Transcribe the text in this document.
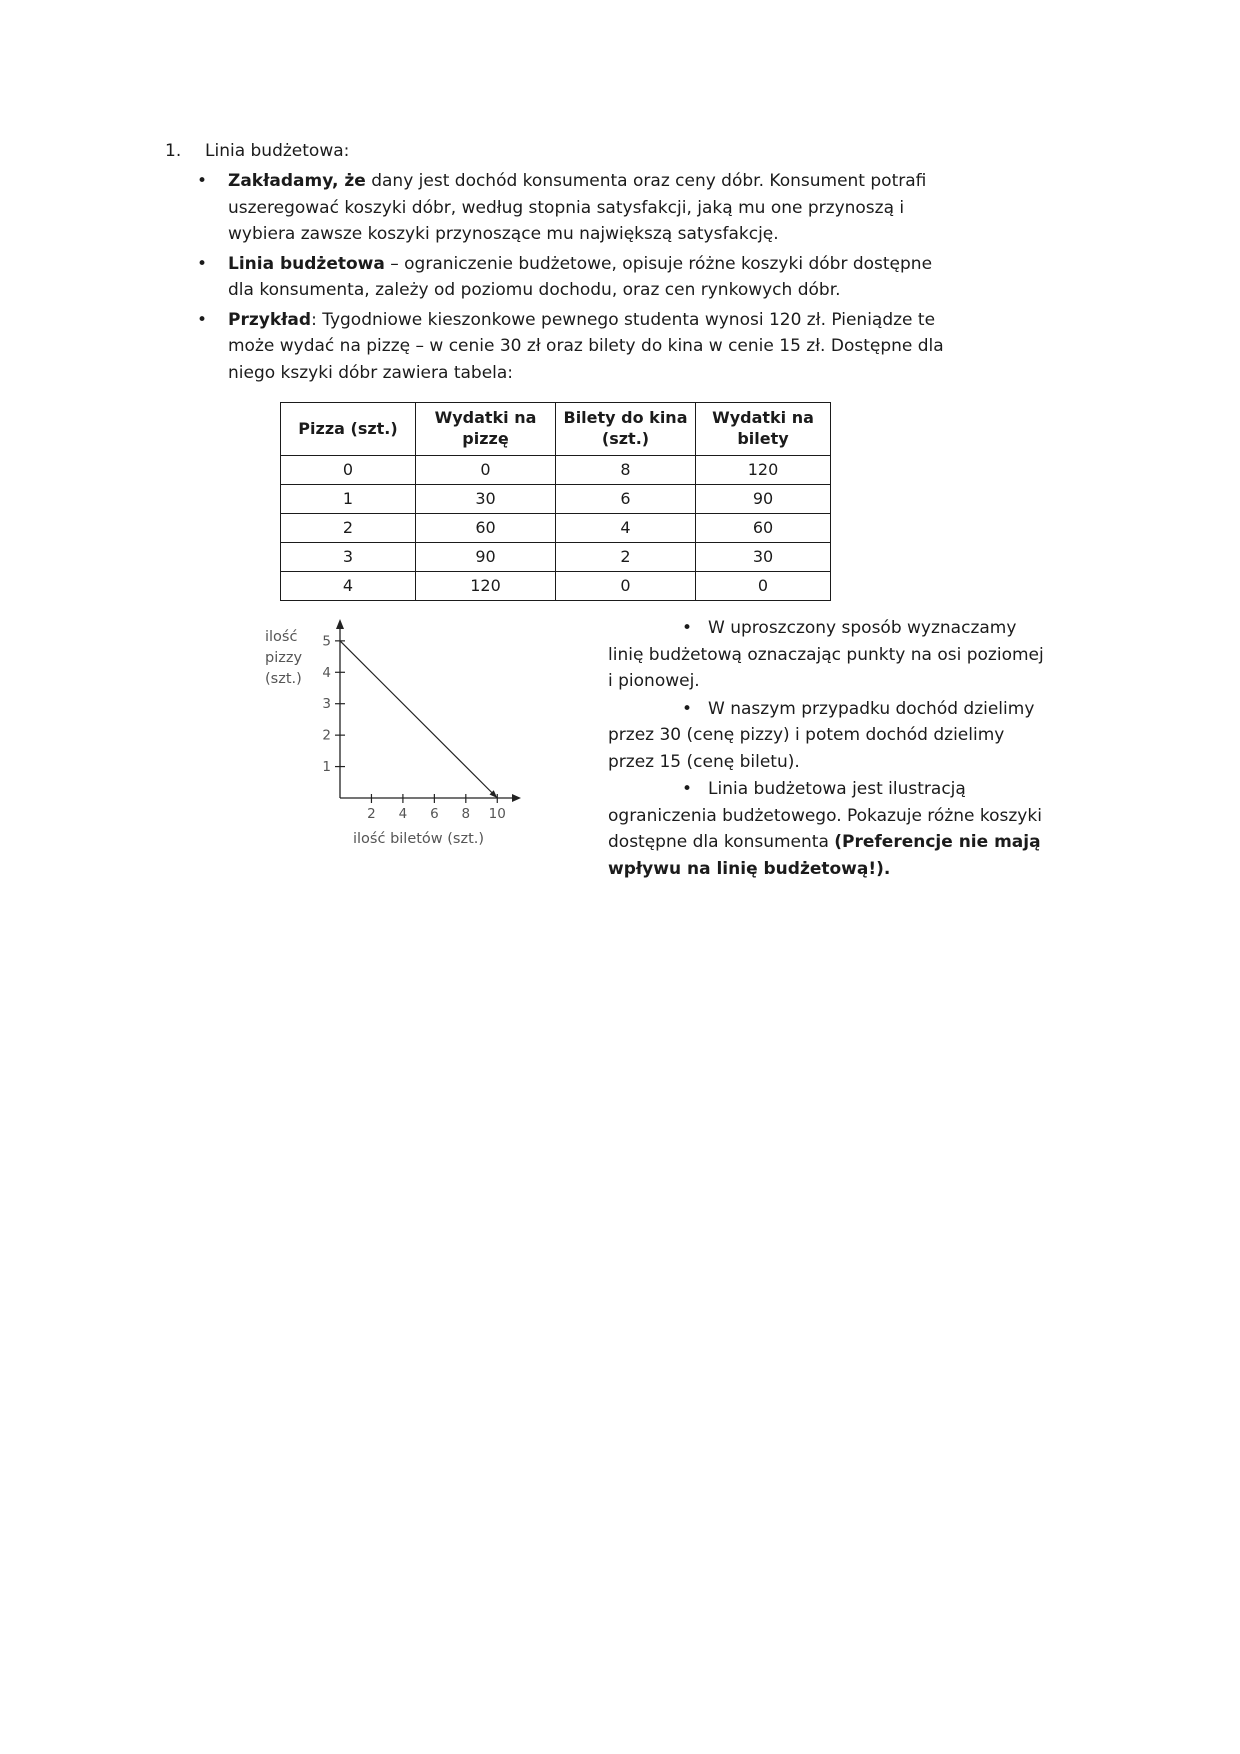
1.	Linia budżetowa:
• Zakładamy, że dany jest dochód konsumenta oraz ceny dóbr. Konsument potrafi uszeregować koszyki dóbr, według stopnia satysfakcji, jaką mu one przynoszą i wybiera zawsze koszyki przynoszące mu największą satysfakcję.
• Linia budżetowa – ograniczenie budżetowe, opisuje różne koszyki dóbr dostępne dla konsumenta, zależy od poziomu dochodu, oraz cen rynkowych dóbr.
• Przykład: Tygodniowe kieszonkowe pewnego studenta wynosi 120 zł. Pieniądze te może wydać na pizzę – w cenie 30 zł oraz bilety do kina w cenie 15 zł. Dostępne dla niego kszyki dóbr zawiera tabela:
Pizza (szt.)	Wydatki na pizzę	Bilety do kina (szt.)	Wydatki na bilety
0	0	8	120
1	30	6	90
2	60	4	60
3	90	2	30
4	120	0	0
ilość
pizzy
(szt.)
2 4 6 8 10
1
2
3
4
5
ilość biletów (szt.)

• W uproszczony sposób wyznaczamy linię budżetową oznaczając punkty na osi poziomej i pionowej.

• W naszym przypadku dochód dzielimy przez 30 (cenę pizzy) i potem dochód dzielimy przez 15 (cenę biletu).

• Linia budżetowa jest ilustracją ograniczenia budżetowego. Pokazuje różne koszyki dostępne dla konsumenta (Preferencje nie mają wpływu na linię budżetową!).
